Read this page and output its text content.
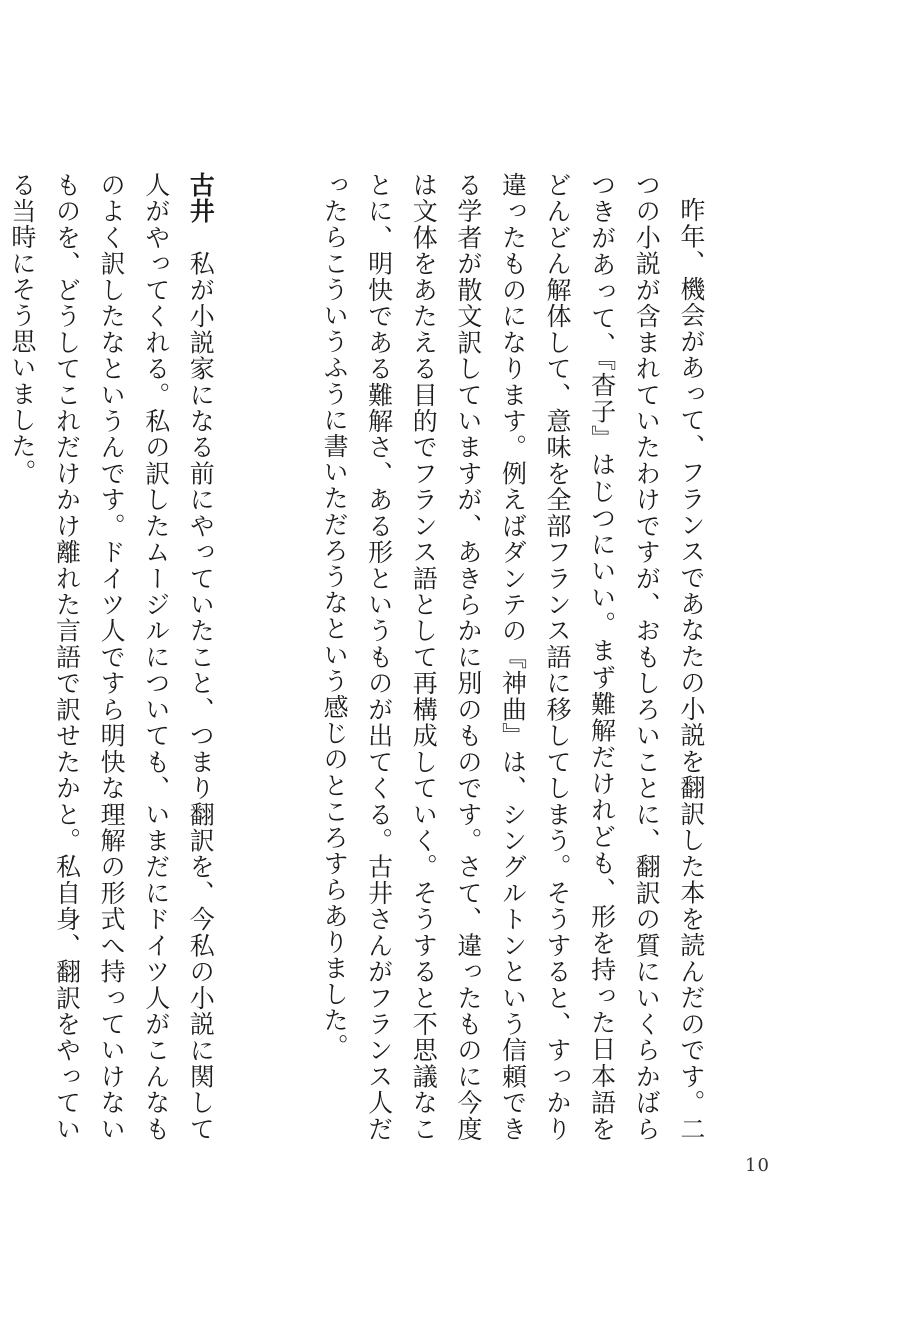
昨年、機会があって、フランスであなたの小説を翻訳した本を読んだのです。二つの小説が含まれていたわけですが、おもしろいことに、翻訳の質にいくらかばらつきがあって、『杳子』はじつにいい。まず難解だけれども、形を持った日本語をどんどん解体して、意味を全部フランス語に移してしまう。そうすると、すっかり違ったものになります。例えばダンテの『神曲』は、シングルトンという信頼できる学者が散文訳していますが、あきらかに別のものです。さて、違ったものに今度は文体をあたえる目的でフランス語として再構成していく。そうすると不思議なことに、明快である難解さ、ある形というものが出てくる。古井さんがフランス人だったらこういうふうに書いただろうなという感じのところすらありました。

古井　私が小説家になる前にやっていたこと、つまり翻訳を、今私の小説に関して人がやってくれる。私の訳したムージルについても、いまだにドイツ人がこんなものよく訳したなというんです。ドイツ人ですら明快な理解の形式へ持っていけないものを、どうしてこれだけかけ離れた言語で訳せたかと。私自身、翻訳をやっている当時にそう思いました。

10
